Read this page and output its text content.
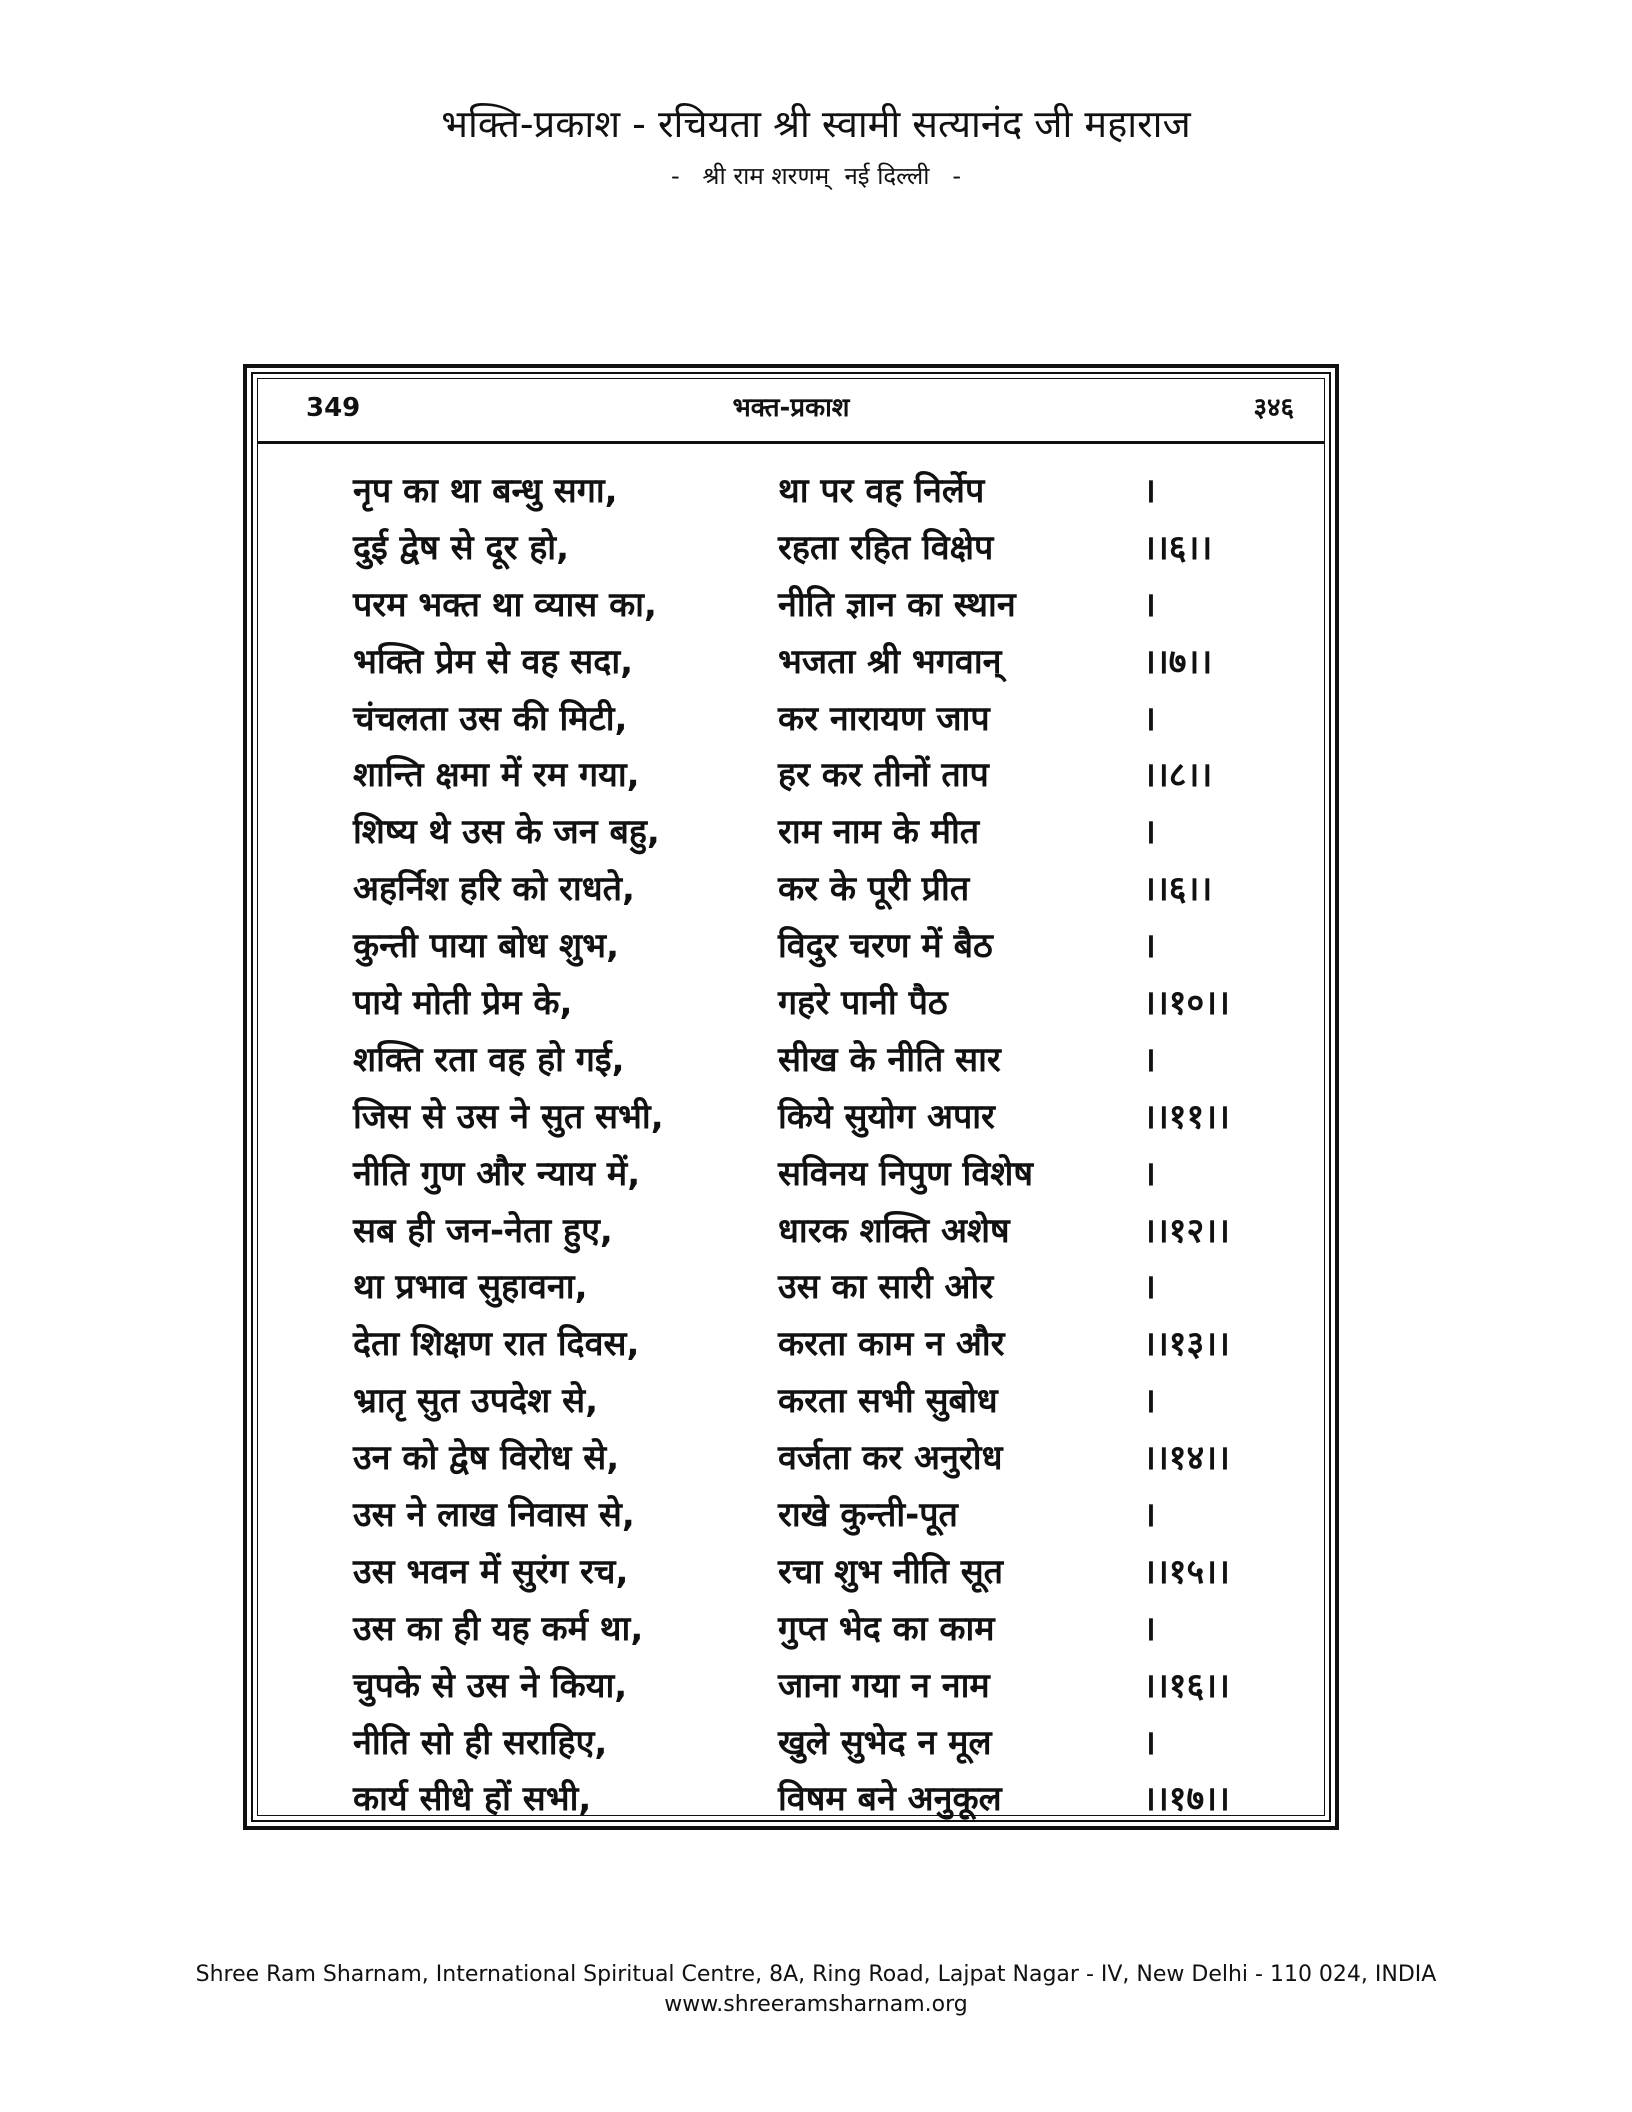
भक्ति-प्रकाश - रचियता श्री स्वामी सत्यानंद जी महाराज
-   श्री राम शरणम्  नई दिल्ली   -
349	भक्त-प्रकाश	३४६
नृप का था बन्धु सगा,	था पर वह निर्लेप	।
दुई द्वेष से दूर हो,	रहता रहित विक्षेप	।।६।।
परम भक्त था व्यास का,	नीति ज्ञान का स्थान	।
भक्ति प्रेम से वह सदा,	भजता श्री भगवान्	।।७।।
चंचलता उस की मिटी,	कर नारायण जाप	।
शान्ति क्षमा में रम गया,	हर कर तीनों ताप	।।८।।
शिष्य थे उस के जन बहु,	राम नाम के मीत	।
अहर्निश हरि को राधते,	कर के पूरी प्रीत	।।६।।
कुन्ती पाया बोध शुभ,	विदुर चरण में बैठ	।
पाये मोती प्रेम के,	गहरे पानी पैठ	।।१०।।
शक्ति रता वह हो गई,	सीख के नीति सार	।
जिस से उस ने सुत सभी,	किये सुयोग अपार	।।११।।
नीति गुण और न्याय में,	सविनय निपुण विशेष	।
सब ही जन-नेता हुए,	धारक शक्ति अशेष	।।१२।।
था प्रभाव सुहावना,	उस का सारी ओर	।
देता शिक्षण रात दिवस,	करता काम न और	।।१३।।
भ्रातृ सुत उपदेश से,	करता सभी सुबोध	।
उन को द्वेष विरोध से,	वर्जता कर अनुरोध	।।१४।।
उस ने लाख निवास से,	राखे कुन्ती-पूत	।
उस भवन में सुरंग रच,	रचा शुभ नीति सूत	।।१५।।
उस का ही यह कर्म था,	गुप्त भेद का काम	।
चुपके से उस ने किया,	जाना गया न नाम	।।१६।।
नीति सो ही सराहिए,	खुले सुभेद न मूल	।
कार्य सीधे हों सभी,	विषम बने अनुकूल	।।१७।।
Shree Ram Sharnam, International Spiritual Centre, 8A, Ring Road, Lajpat Nagar - IV, New Delhi - 110 024, INDIA
www.shreeramsharnam.org
